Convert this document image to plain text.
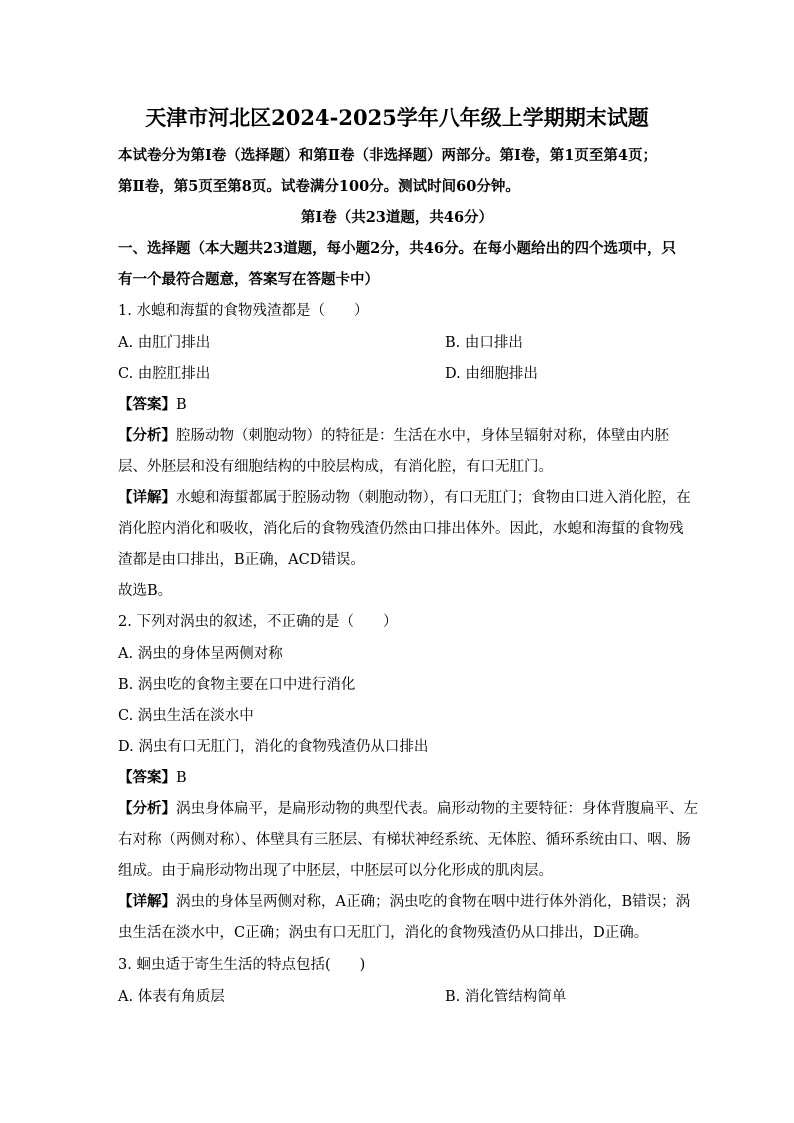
天津市河北区2024-2025学年八年级上学期期末试题
本试卷分为第Ⅰ卷（选择题）和第Ⅱ卷（非选择题）两部分。第Ⅰ卷，第1页至第4页；
第Ⅱ卷，第5页至第8页。试卷满分100分。测试时间60分钟。
第Ⅰ卷（共23道题，共46分）
一、选择题（本大题共23道题，每小题2分，共46分。在每小题给出的四个选项中，只
有一个最符合题意，答案写在答题卡中）
1. 水螅和海蜇的食物残渣都是（　　）
A. 由肛门排出	B. 由口排出
C. 由腔肛排出	D. 由细胞排出
【答案】B
【分析】腔肠动物（刺胞动物）的特征是：生活在水中，身体呈辐射对称，体壁由内胚
层、外胚层和没有细胞结构的中胶层构成，有消化腔，有口无肛门。
【详解】水螅和海蜇都属于腔肠动物（刺胞动物），有口无肛门；食物由口进入消化腔，在
消化腔内消化和吸收，消化后的食物残渣仍然由口排出体外。因此，水螅和海蜇的食物残
渣都是由口排出，B正确，ACD错误。
故选B。
2. 下列对涡虫的叙述，不正确的是（　　）
A. 涡虫的身体呈两侧对称
B. 涡虫吃的食物主要在口中进行消化
C. 涡虫生活在淡水中
D. 涡虫有口无肛门，消化的食物残渣仍从口排出
【答案】B
【分析】涡虫身体扁平，是扁形动物的典型代表。扁形动物的主要特征：身体背腹扁平、左
右对称（两侧对称）、体壁具有三胚层、有梯状神经系统、无体腔、循环系统由口、咽、肠
组成。由于扁形动物出现了中胚层，中胚层可以分化形成的肌肉层。
【详解】涡虫的身体呈两侧对称，A正确；涡虫吃的食物在咽中进行体外消化，B错误；涡
虫生活在淡水中，C正确；涡虫有口无肛门，消化的食物残渣仍从口排出，D正确。
3. 蛔虫适于寄生生活的特点包括(　　)
A. 体表有角质层	B. 消化管结构简单
